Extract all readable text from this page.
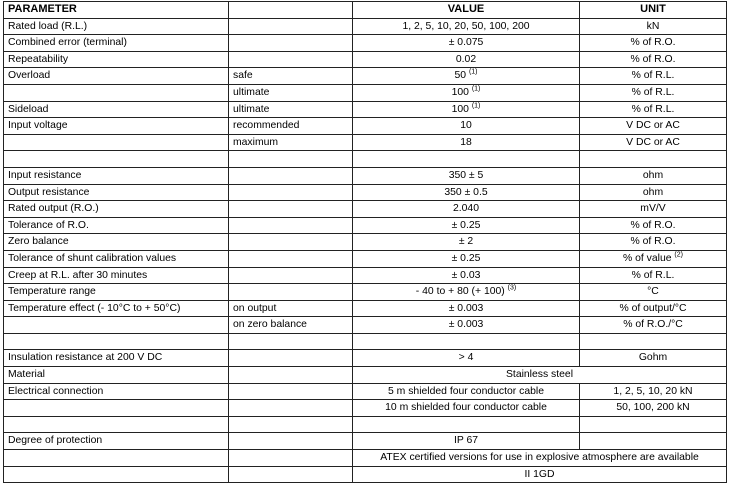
PARAMETER		VALUE	UNIT
Rated load (R.L.)		1, 2, 5, 10, 20, 50, 100, 200	kN
Combined error (terminal)		± 0.075	% of R.O.
Repeatability		0.02	% of R.O.
Overload	safe	50 $^{(1)}$	% of R.L.
	ultimate	100 $^{(1)}$	% of R.L.
Sideload	ultimate	100 $^{(1)}$	% of R.L.
Input voltage	recommended	10	V DC or AC
	maximum	18	V DC or AC

Input resistance		350 ± 5	ohm
Output resistance		350 ± 0.5	ohm
Rated output (R.O.)		2.040	mV/V
Tolerance of R.O.		± 0.25	% of R.O.
Zero balance		± 2	% of R.O.
Tolerance of shunt calibration values		± 0.25	% of value $^{(2)}$
Creep at R.L. after 30 minutes		± 0.03	% of R.L.
Temperature range		- 40 to + 80 (+ 100) $^{(3)}$	°C
Temperature effect (- 10°C to + 50°C)	on output	± 0.003	% of output/°C
	on zero balance	± 0.003	% of R.O./°C

Insulation resistance at 200 V DC		> 4	Gohm
Material		Stainless steel	
Electrical connection		5 m shielded four conductor cable	1, 2, 5, 10, 20 kN
		10 m shielded four conductor cable	50, 100, 200 kN

Degree of protection		IP 67	
		ATEX certified versions for use in explosive atmosphere are available	
		II 1GD	
